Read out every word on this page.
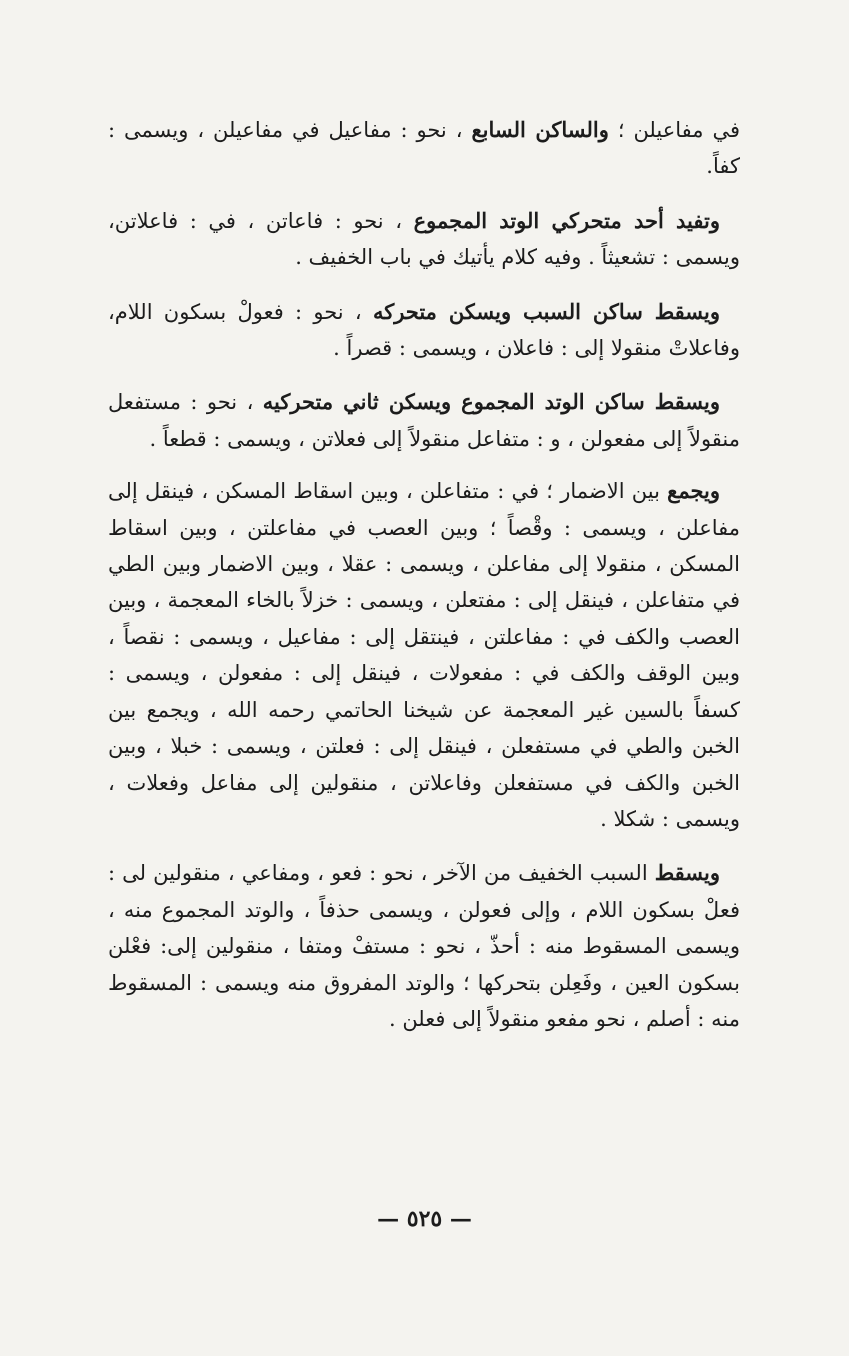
في مفاعيلن ؛ والساكن السابع ، نحو : مفاعيل في مفاعيلن ، ويسمى : كفاً.

وتفيد أحد متحركي الوتد المجموع ، نحو : فاعاتن ، في : فاعلاتن، ويسمى : تشعيثاً . وفيه كلام يأتيك في باب الخفيف .

ويسقط ساكن السبب ويسكن متحركه ، نحو : فعولْ بسكون اللام، وفاعلاتْ منقولا إلى : فاعلان ، ويسمى : قصراً .

ويسقط ساكن الوتد المجموع ويسكن ثاني متحركيه ، نحو : مستفعل منقولاً إلى مفعولن ، و : متفاعل منقولاً إلى فعلاتن ، ويسمى : قطعاً .

ويجمع بين الاضمار ؛ في : متفاعلن ، وبين اسقاط المسكن ، فينقل إلى مفاعلن ، ويسمى : وقْصاً ؛ وبين العصب في مفاعلتن ، وبين اسقاط المسكن ، منقولا إلى مفاعلن ، ويسمى : عقلا ، وبين الاضمار وبين الطي في متفاعلن ، فينقل إلى : مفتعلن ، ويسمى : خزلاً بالخاء المعجمة ، وبين العصب والكف في : مفاعلتن ، فينتقل إلى : مفاعيل ، ويسمى : نقصاً ، وبين الوقف والكف في : مفعولات ، فينقل إلى : مفعولن ، ويسمى : كسفاً بالسين غير المعجمة عن شيخنا الحاتمي رحمه الله ، ويجمع بين الخبن والطي في مستفعلن ، فينقل إلى : فعلتن ، ويسمى : خبلا ، وبين الخبن والكف في مستفعلن وفاعلاتن ، منقولين إلى مفاعل وفعلات ، ويسمى : شكلا .

ويسقط السبب الخفيف من الآخر ، نحو : فعو ، ومفاعي ، منقولين لى : فعلْ بسكون اللام ، وإلى فعولن ، ويسمى حذفاً ، والوتد المجموع منه ، ويسمى المسقوط منه : أحذّ ، نحو : مستفْ ومتفا ، منقولين إلى: فعْلن بسكون العين ، وفَعِلن بتحركها ؛ والوتد المفروق منه ويسمى : المسقوط منه : أصلم ، نحو مفعو منقولاً إلى فعلن .

— ٥٢٥ —
